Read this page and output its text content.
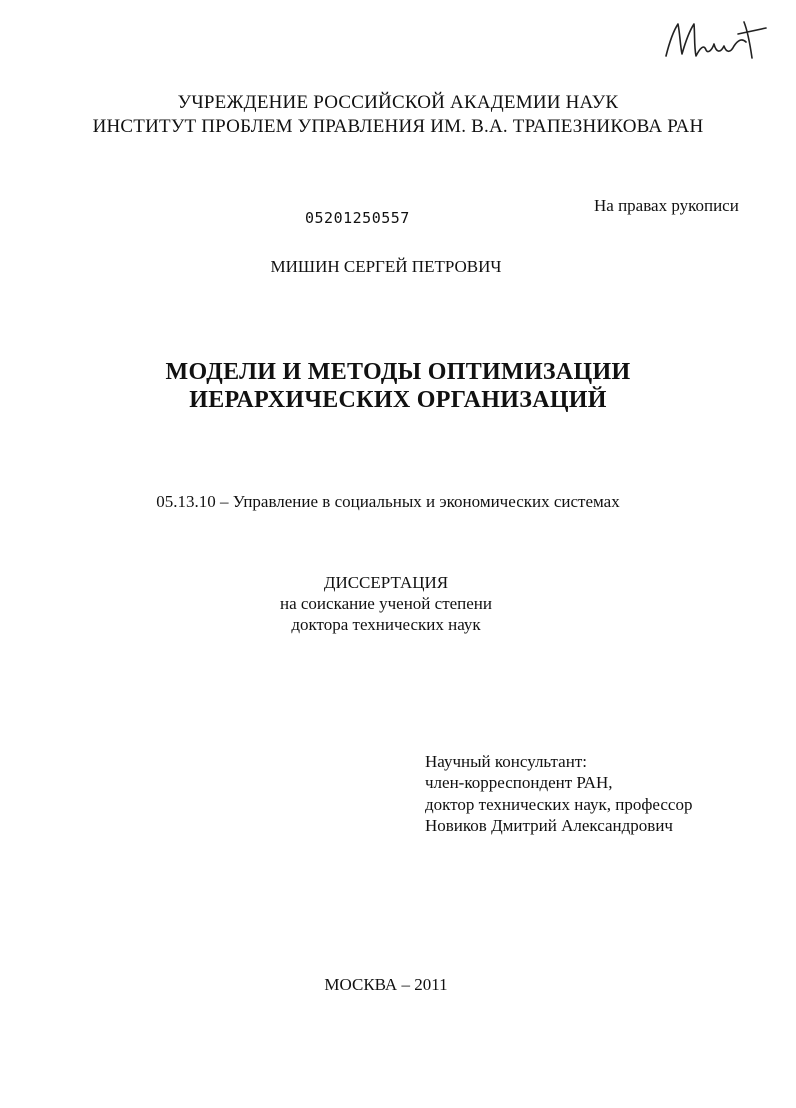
УЧРЕЖДЕНИЕ РОССИЙСКОЙ АКАДЕМИИ НАУК
ИНСТИТУТ ПРОБЛЕМ УПРАВЛЕНИЯ ИМ. В.А. ТРАПЕЗНИКОВА РАН
На правах рукописи
05201250557
МИШИН СЕРГЕЙ ПЕТРОВИЧ
МОДЕЛИ И МЕТОДЫ ОПТИМИЗАЦИИ
ИЕРАРХИЧЕСКИХ ОРГАНИЗАЦИЙ
05.13.10 – Управление в социальных и экономических системах
ДИССЕРТАЦИЯ
на соискание ученой степени
доктора технических наук
Научный консультант:
член-корреспондент РАН,
доктор технических наук, профессор
Новиков Дмитрий Александрович
МОСКВА – 2011
